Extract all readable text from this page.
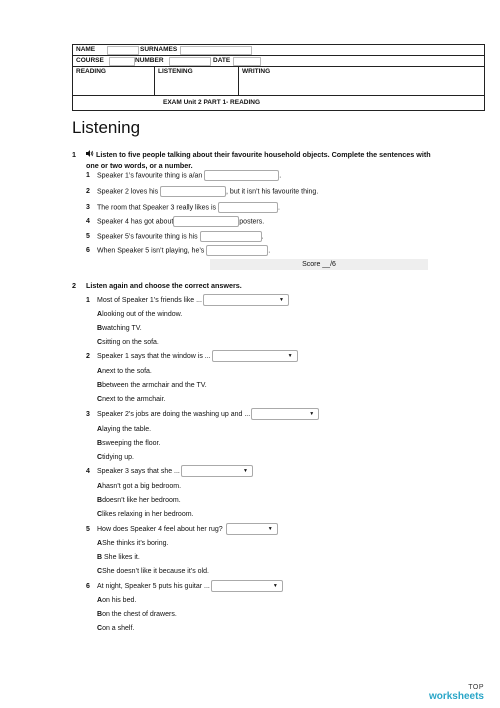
NAME	SURNAMES
COURSE	NUMBER	DATE
READING	LISTENING	WRITING
EXAM Unit 2 PART 1- READING
Listening
1	Listen to five people talking about their favourite household objects. Complete the sentences with one or two words, or a number.
1 Speaker 1’s favourite thing is a/an	.
2 Speaker 2 loves his	, but it isn’t his favourite thing.
3 The room that Speaker 3 really likes is	.
4 Speaker 4 has got about	posters.
5 Speaker 5’s favourite thing is his	.
6 When Speaker 5 isn’t playing, he’s	.
Score __/6
2 Listen again and choose the correct answers.
1 Most of Speaker 1’s friends like ...	▼
Alooking out of the window.
Bwatching TV.
Csitting on the sofa.
2 Speaker 1 says that the window is ...	▼
Anext to the sofa.
Bbetween the armchair and the TV.
Cnext to the armchair.
3 Speaker 2’s jobs are doing the washing up and ...	▼
Alaying the table.
Bsweeping the floor.
Ctidying up.
4 Speaker 3 says that she ...	▼
Ahasn’t got a big bedroom.
Bdoesn’t like her bedroom.
Clikes relaxing in her bedroom.
5 How does Speaker 4 feel about her rug?	▼
AShe thinks it’s boring.
B She likes it.
CShe doesn’t like it because it’s old.
6 At night, Speaker 5 puts his guitar ...	▼
Aon his bed.
Bon the chest of drawers.
Con a shelf.
TOP
worksheets
